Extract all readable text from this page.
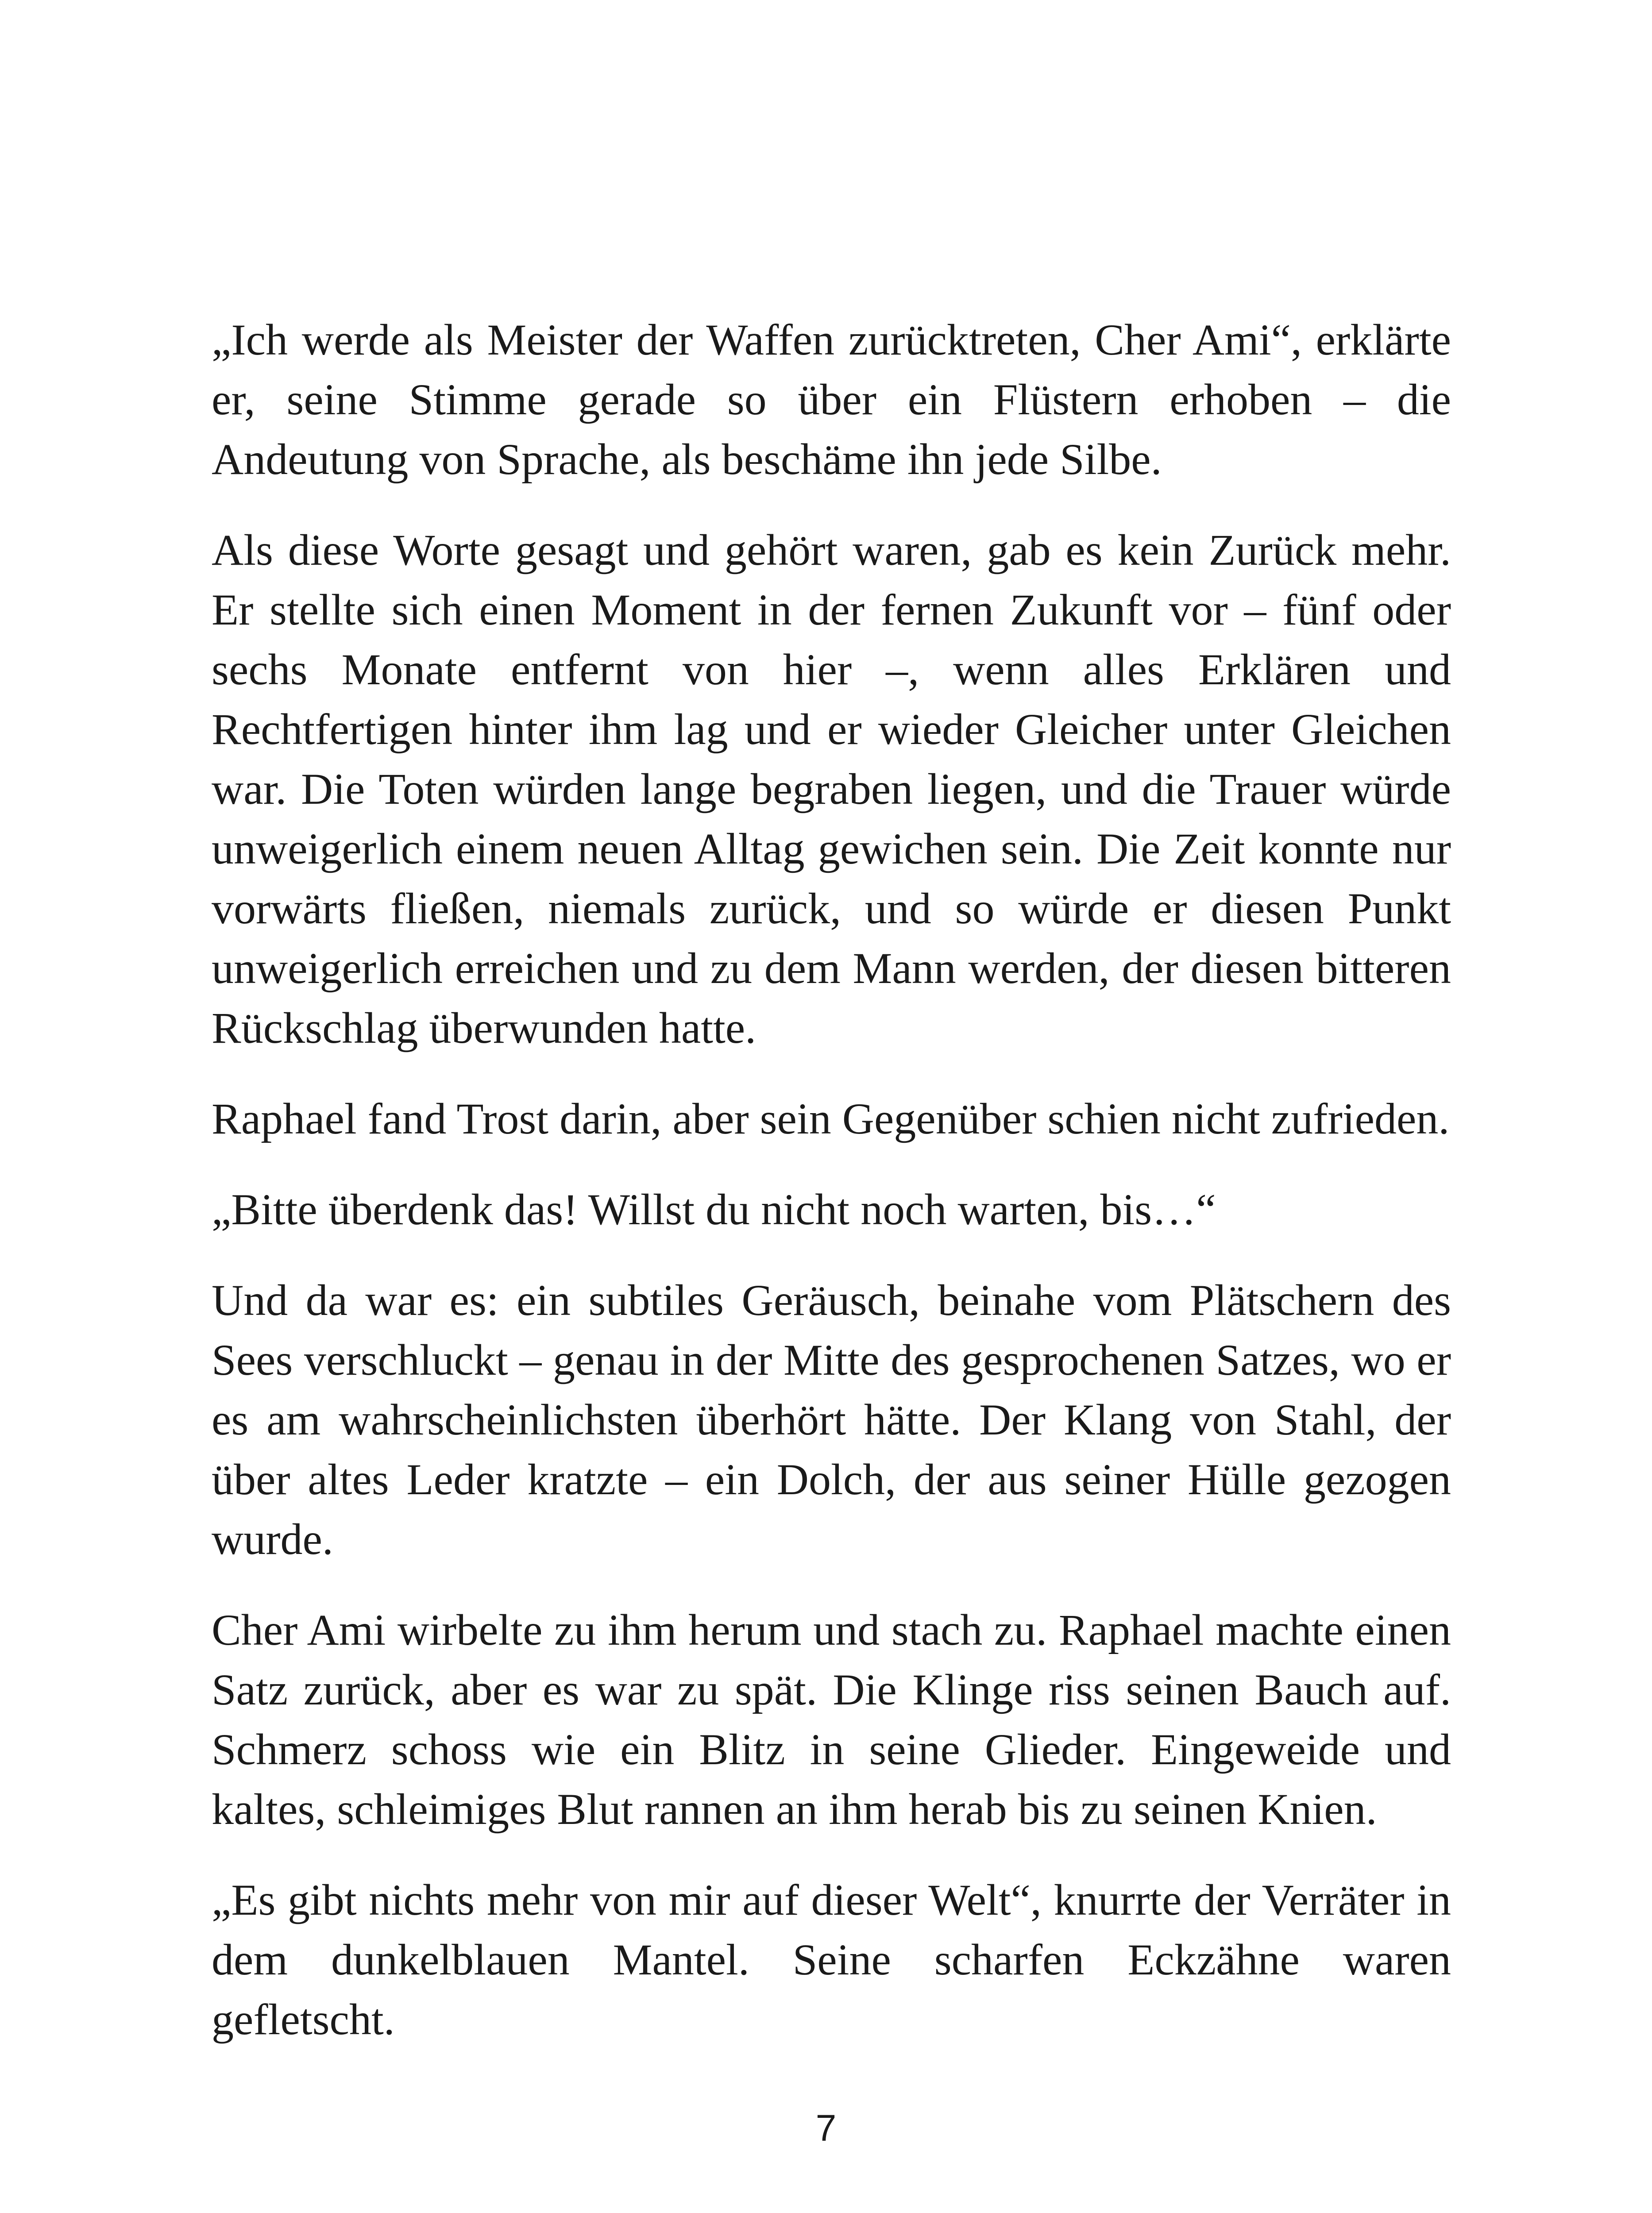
„Ich werde als Meister der Waffen zurücktreten, Cher Ami“, erklärte er, seine Stimme gerade so über ein Flüstern erhoben – die Andeutung von Sprache, als beschäme ihn jede Silbe.

Als diese Worte gesagt und gehört waren, gab es kein Zurück mehr. Er stellte sich einen Moment in der fernen Zukunft vor – fünf oder sechs Monate entfernt von hier –, wenn alles Erklären und Rechtfertigen hinter ihm lag und er wieder Gleicher unter Gleichen war. Die Toten würden lange begraben liegen, und die Trauer würde unweigerlich einem neuen Alltag gewichen sein. Die Zeit konnte nur vorwärts fließen, niemals zurück, und so würde er diesen Punkt unweigerlich erreichen und zu dem Mann werden, der diesen bitteren Rückschlag überwunden hatte.

Raphael fand Trost darin, aber sein Gegenüber schien nicht zufrieden.

„Bitte überdenk das! Willst du nicht noch warten, bis…“

Und da war es: ein subtiles Geräusch, beinahe vom Plätschern des Sees verschluckt – genau in der Mitte des gesprochenen Satzes, wo er es am wahrscheinlichsten überhört hätte. Der Klang von Stahl, der über altes Leder kratzte – ein Dolch, der aus seiner Hülle gezogen wurde.

Cher Ami wirbelte zu ihm herum und stach zu. Raphael machte einen Satz zurück, aber es war zu spät. Die Klinge riss seinen Bauch auf. Schmerz schoss wie ein Blitz in seine Glieder. Eingeweide und kaltes, schleimiges Blut rannen an ihm herab bis zu seinen Knien.

„Es gibt nichts mehr von mir auf dieser Welt“, knurrte der Verräter in dem dunkelblauen Mantel. Seine scharfen Eckzähne waren gefletscht.

7
